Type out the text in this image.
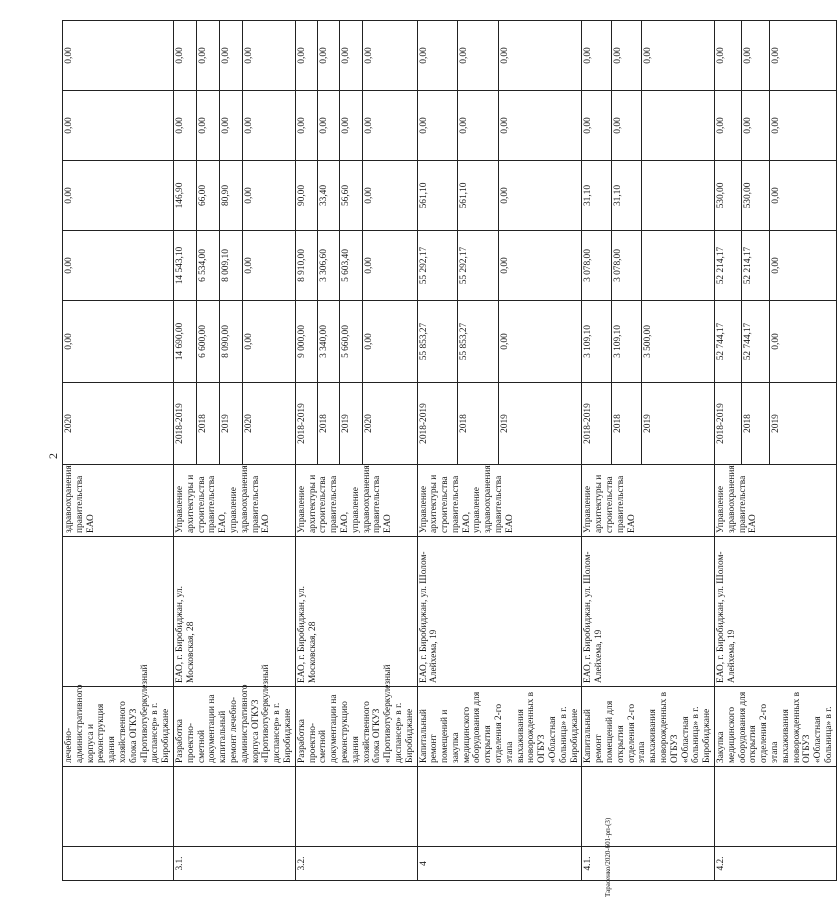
2
Тарасенко/2020-601-рп-(3)
		лечебно-административного корпуса и реконструкция здания хозяйственного блока ОГКУЗ «Противотуберкулезный диспансер» в г. Биробиджане		здравоохранения правительства ЕАО	2020	0,00	0,00	0,00	0,00	0,00
3.1.		Разработка проектно-сметной документации на капитальный ремонт лечебно-административного корпуса ОГКУЗ «Противотуберкулезный диспансер» в г. Биробиджане	ЕАО, г. Биробиджан, ул. Московская, 28	Управление архитектуры и строительства правительства ЕАО, управление здравоохранения правительства ЕАО	2018-2019	14 690,00	14 543,10	146,90	0,00	0,00
					2018	6 600,00	6 534,00	66,00	0,00	0,00
					2019	8 090,00	8 009,10	80,90	0,00	0,00
					2020	0,00	0,00	0,00	0,00	0,00
3.2.		Разработка проектно-сметной документации на реконструкцию здания хозяйственного блока ОГКУЗ «Противотуберкулезный диспансер» в г. Биробиджане	ЕАО, г. Биробиджан, ул. Московская, 28	Управление архитектуры и строительства правительства ЕАО, управление здравоохранения правительства ЕАО	2018-2019	9 000,00	8 910,00	90,00	0,00	0,00
					2018	3 340,00	3 306,60	33,40	0,00	0,00
					2019	5 660,00	5 603,40	56,60	0,00	0,00
					2020	0,00	0,00	0,00	0,00	0,00
4		Капитальный ремонт помещений и закупка медицинского оборудования для открытия отделения 2-го этапа выхаживания новорожденных в ОГБУЗ «Областная больница» в г. Биробиджане	ЕАО, г. Биробиджан, ул. Шолом-Алейхема, 19	Управление архитектуры и строительства правительства ЕАО, управление здравоохранения правительства ЕАО	2018-2019	55 853,27	55 292,17	561,10	0,00	0,00
					2018	55 853,27	55 292,17	561,10	0,00	0,00
					2019	0,00	0,00	0,00	0,00	0,00
4.1.		Капитальный ремонт помещений для открытия отделения 2-го этапа выхаживания новорожденных в ОГБУЗ «Областная больница» в г. Биробиджане	ЕАО, г. Биробиджан, ул. Шолом-Алейхема, 19	Управление архитектуры и строительства правительства ЕАО	2018-2019	3 109,10	3 078,00	31,10	0,00	0,00
					2018	3 109,10	3 078,00	31,10	0,00	0,00
					2019	3 500,00				0,00
4.2.		Закупка медицинского оборудования для открытия отделения 2-го этапа выхаживания новорожденных в ОГБУЗ «Областная больница» в г.	ЕАО, г. Биробиджан, ул. Шолом-Алейхема, 19	Управление здравоохранения правительства ЕАО	2018-2019	52 744,17	52 214,17	530,00	0,00	0,00
					2018	52 744,17	52 214,17	530,00	0,00	0,00
					2019	0,00	0,00	0,00	0,00	0,00
